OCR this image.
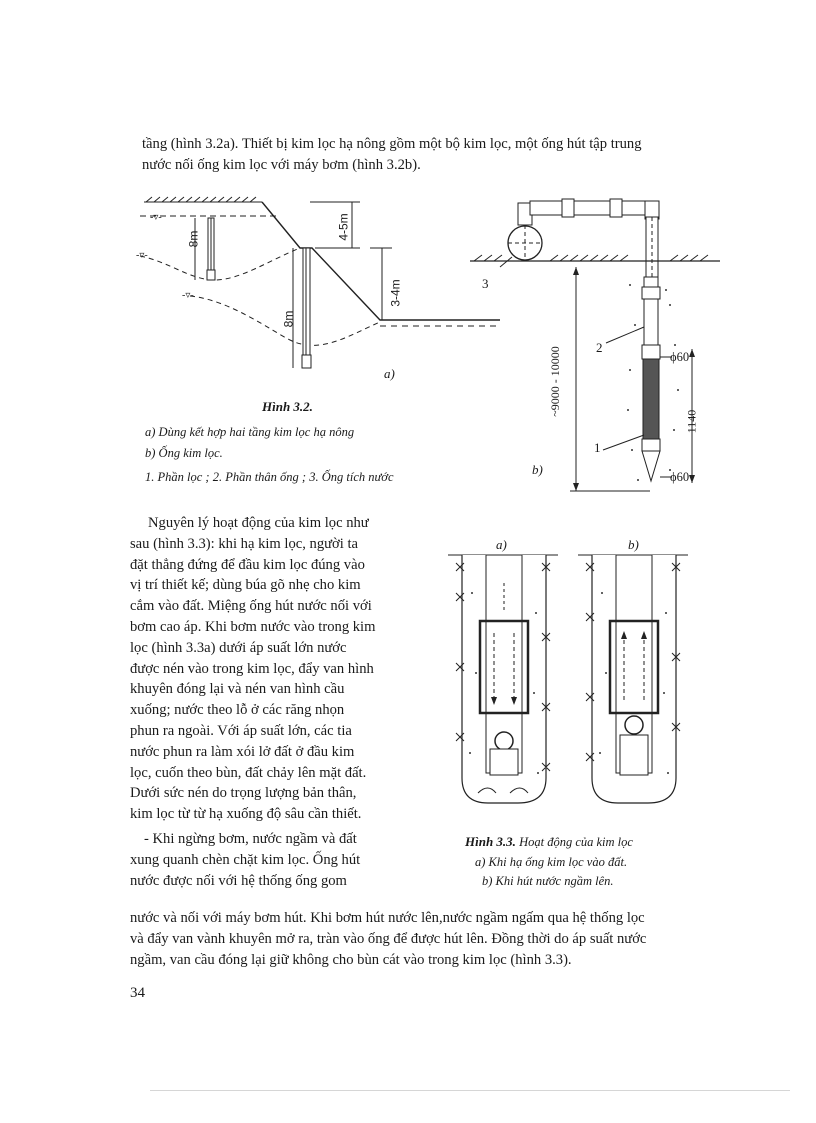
tầng (hình 3.2a). Thiết bị kim lọc hạ nông gồm một bộ kim lọc, một ống hút tập trung
nước nối ống kim lọc với máy bơm (hình 3.2b).
-▿-
-▿-
-▿-
8m	4-5m
3-4m
8m
a)
3
2
1
ϕ60
ϕ60
~9000 - 10000
1140
b)
Hình 3.2.
a) Dùng kết hợp hai tầng kim lọc hạ nông
b) Ống kim lọc.
1. Phần lọc ; 2. Phần thân ống ; 3. Ống tích nước
Nguyên lý hoạt động của kim lọc như
sau (hình 3.3): khi hạ kim lọc, người ta
đặt thẳng đứng để đầu kim lọc đúng vào
vị trí thiết kế; dùng búa gõ nhẹ cho kim
cắm vào đất. Miệng ống hút nước nối với
bơm cao áp. Khi bơm nước vào trong kim
lọc (hình 3.3a) dưới áp suất lớn nước
được nén vào trong kim lọc, đẩy van hình
khuyên đóng lại và nén van hình cầu
xuống; nước theo lỗ ở các răng nhọn
phun ra ngoài. Với áp suất lớn, các tia
nước phun ra làm xói lở đất ở đầu kim
lọc, cuốn theo bùn, đất chảy lên mặt đất.
Dưới sức nén do trọng lượng bản thân,
kim lọc từ từ hạ xuống độ sâu cần thiết.
- Khi ngừng bơm, nước ngầm và đất
xung quanh chèn chặt kim lọc. Ống hút
nước được nối với hệ thống ống gom
a)	b)
Hình 3.3. Hoạt động của kim lọc
a) Khi hạ ống kim lọc vào đất.
b) Khi hút nước ngầm lên.
nước và nối với máy bơm hút. Khi bơm hút nước lên,nước ngầm ngấm qua hệ thống lọc
và đẩy van vành khuyên mở ra, tràn vào ống để được hút lên. Đồng thời do áp suất nước
ngầm, van cầu đóng lại giữ không cho bùn cát vào trong kim lọc (hình 3.3).
34
